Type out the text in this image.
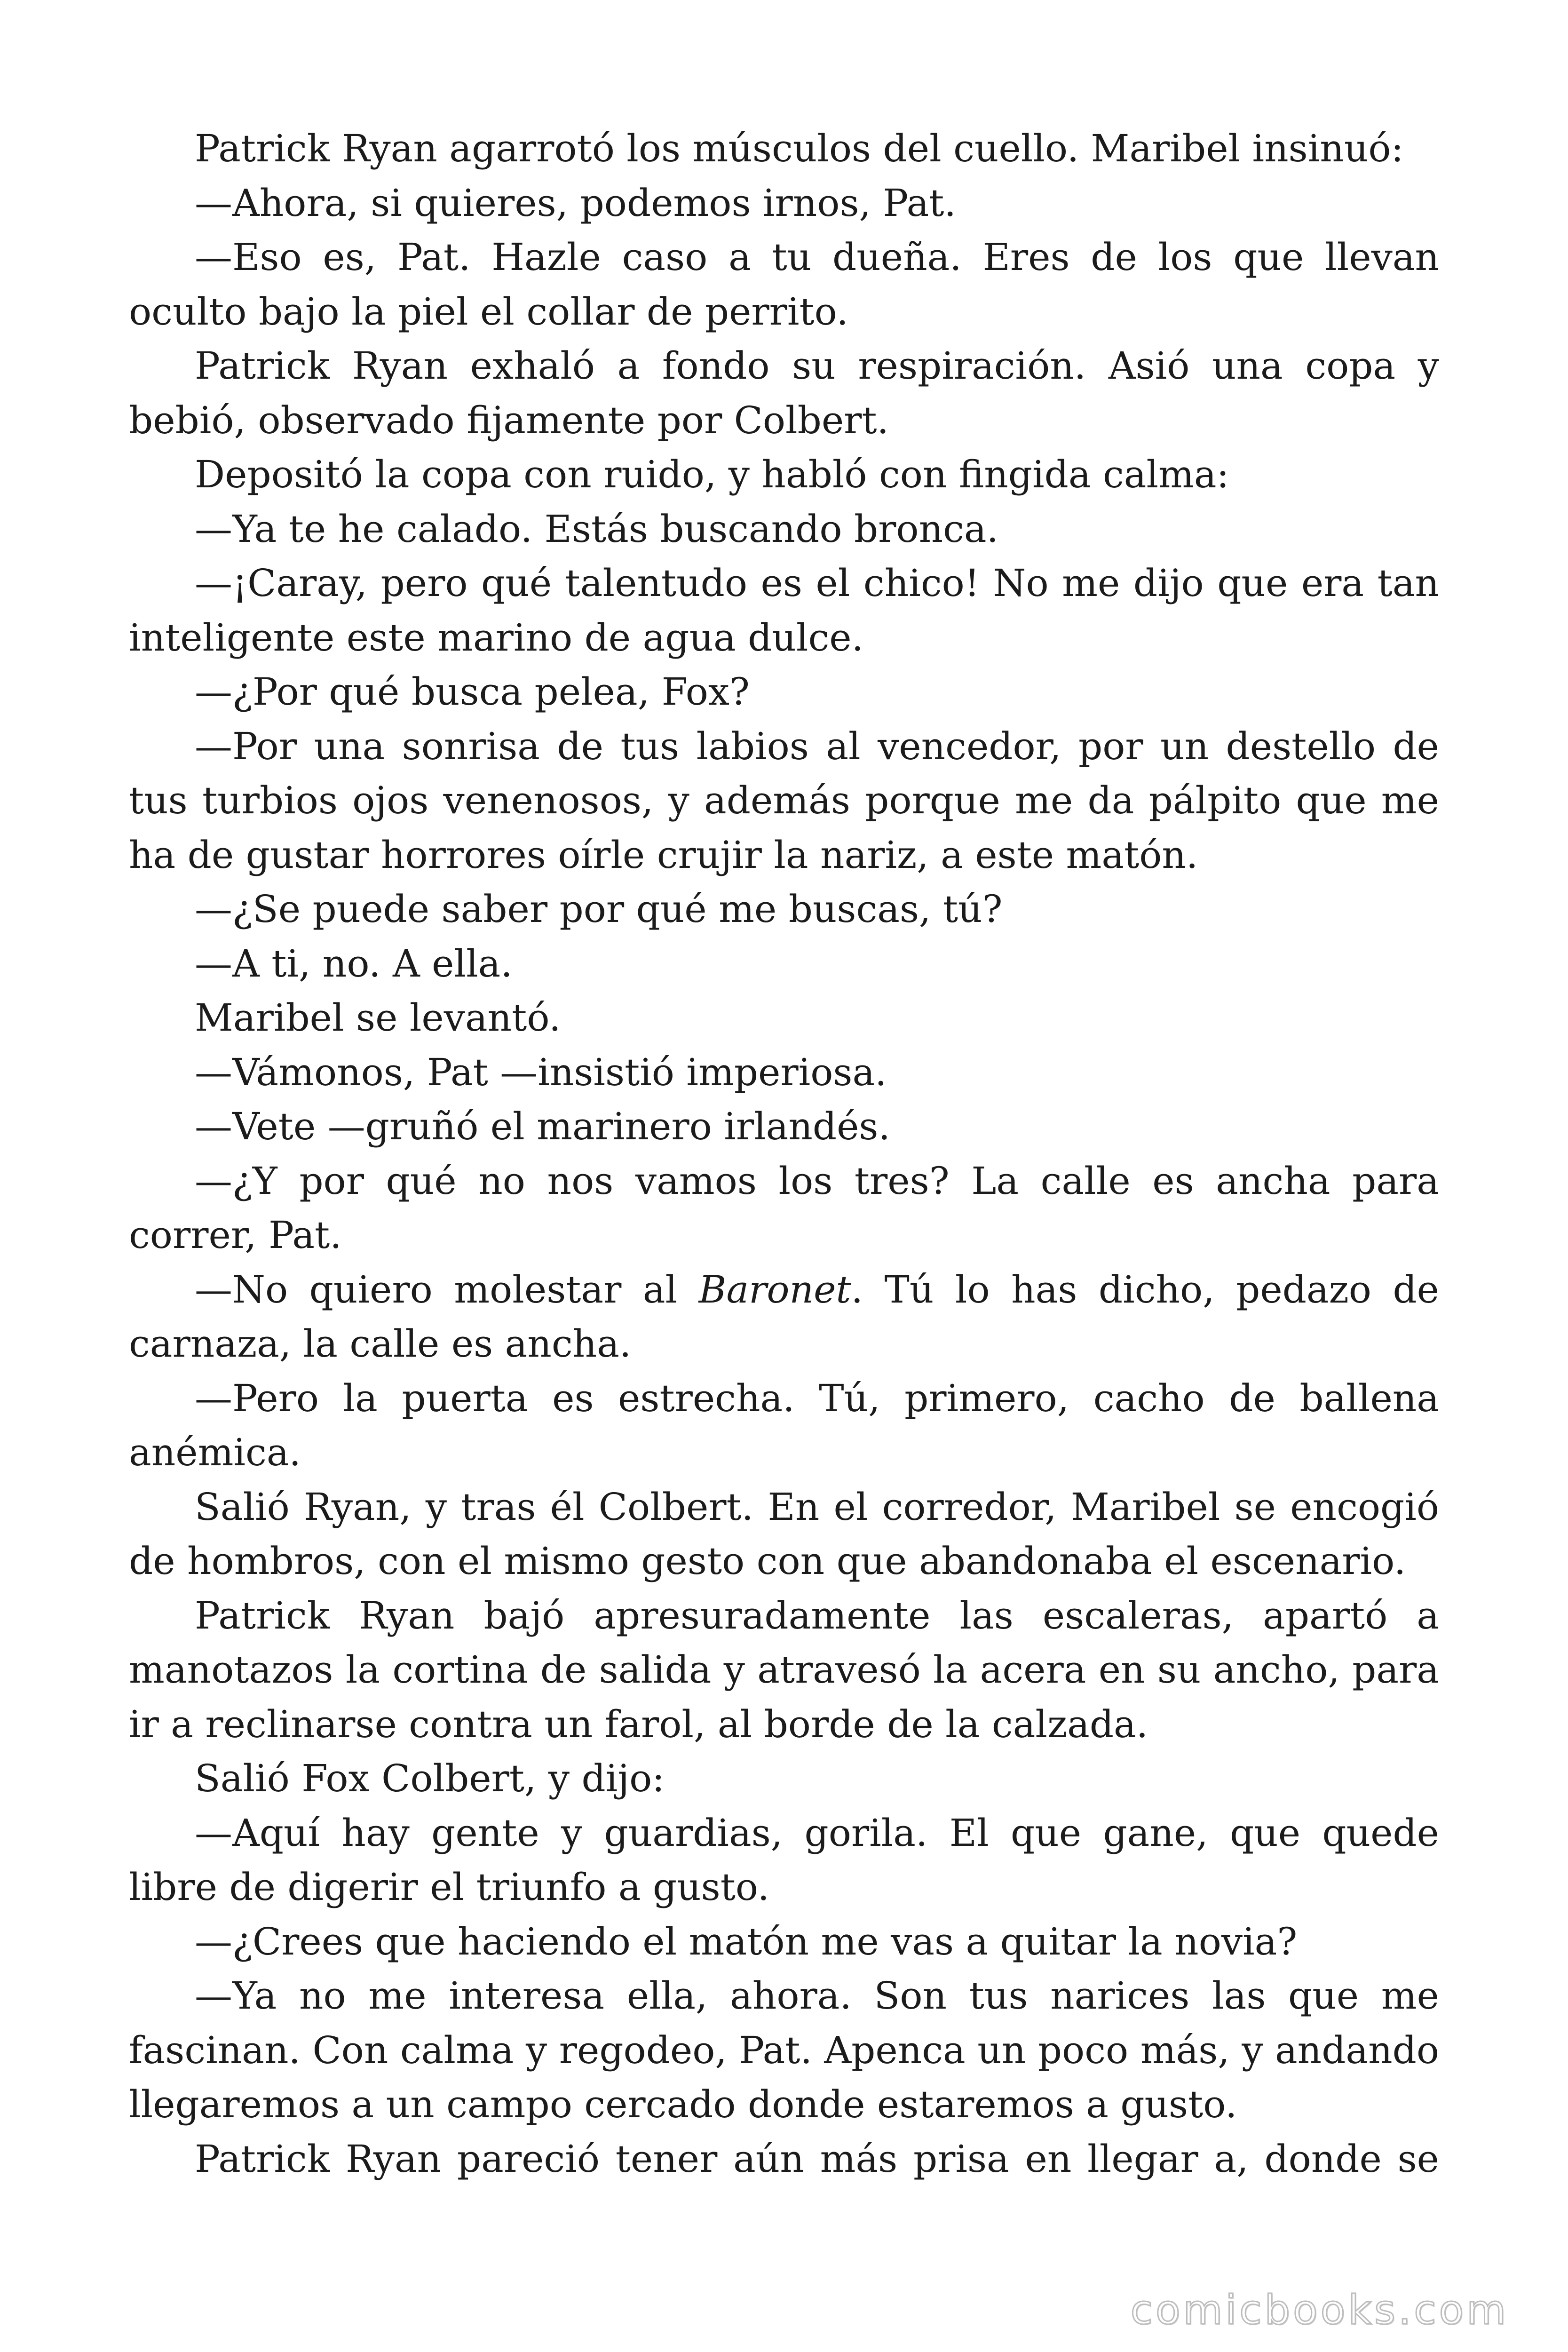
Patrick Ryan agarrotó los músculos del cuello. Maribel insinuó:

—Ahora, si quieres, podemos irnos, Pat.

—Eso es, Pat. Hazle caso a tu dueña. Eres de los que llevan oculto bajo la piel el collar de perrito.

Patrick Ryan exhaló a fondo su respiración. Asió una copa y bebió, observado fijamente por Colbert.

Depositó la copa con ruido, y habló con fingida calma:

—Ya te he calado. Estás buscando bronca.

—¡Caray, pero qué talentudo es el chico! No me dijo que era tan inteligente este marino de agua dulce.

—¿Por qué busca pelea, Fox?

—Por una sonrisa de tus labios al vencedor, por un destello de tus turbios ojos venenosos, y además porque me da pálpito que me ha de gustar horrores oírle crujir la nariz, a este matón.

—¿Se puede saber por qué me buscas, tú?

—A ti, no. A ella.

Maribel se levantó.

—Vámonos, Pat —insistió imperiosa.

—Vete —gruñó el marinero irlandés.

—¿Y por qué no nos vamos los tres? La calle es ancha para correr, Pat.

—No quiero molestar al Baronet. Tú lo has dicho, pedazo de carnaza, la calle es ancha.

—Pero la puerta es estrecha. Tú, primero, cacho de ballena anémica.

Salió Ryan, y tras él Colbert. En el corredor, Maribel se encogió de hombros, con el mismo gesto con que abandonaba el escenario.

Patrick Ryan bajó apresuradamente las escaleras, apartó a manotazos la cortina de salida y atravesó la acera en su ancho, para ir a reclinarse contra un farol, al borde de la calzada.

Salió Fox Colbert, y dijo:

—Aquí hay gente y guardias, gorila. El que gane, que quede libre de digerir el triunfo a gusto.

—¿Crees que haciendo el matón me vas a quitar la novia?

—Ya no me interesa ella, ahora. Son tus narices las que me fascinan. Con calma y regodeo, Pat. Apenca un poco más, y andando llegaremos a un campo cercado donde estaremos a gusto.

Patrick Ryan pareció tener aún más prisa en llegar a, donde se

comicbooks.com
